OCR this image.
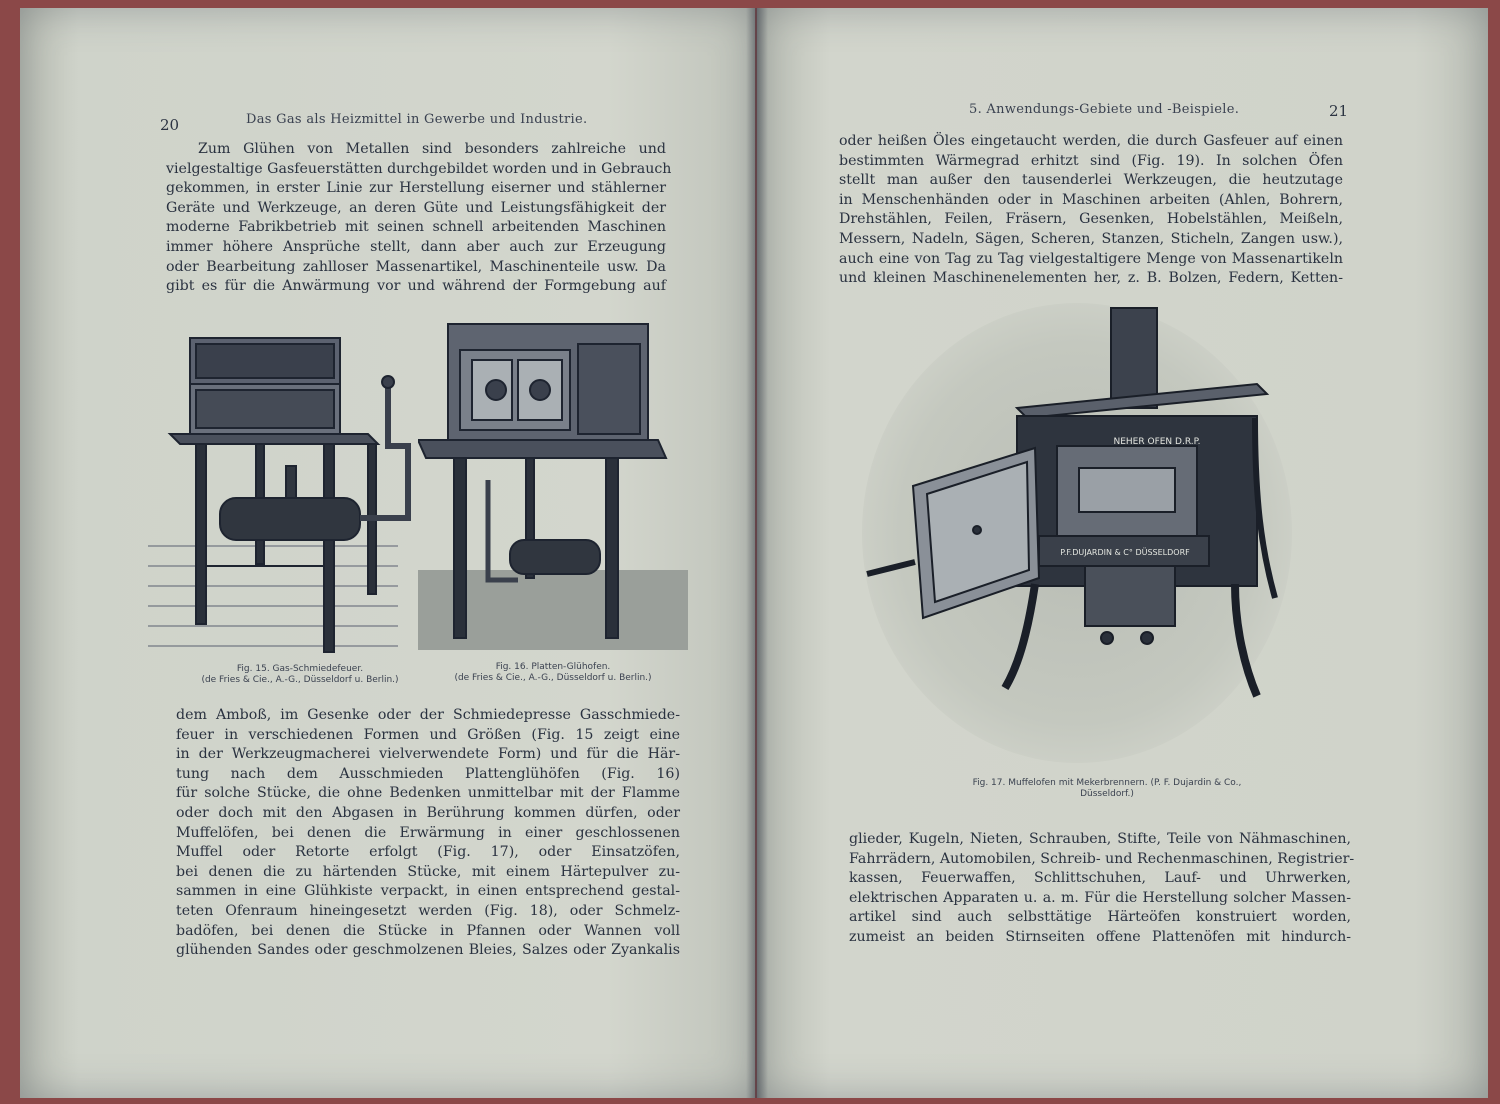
20	Das Gas als Heizmittel in Gewerbe und Industrie.
Zum Glühen von Metallen sind besonders zahlreiche und
vielgestaltige Gasfeuerstätten durchgebildet worden und in Gebrauch
gekommen, in erster Linie zur Herstellung eiserner und stählerner
Geräte und Werkzeuge, an deren Güte und Leistungsfähigkeit der
moderne Fabrikbetrieb mit seinen schnell arbeitenden Maschinen
immer höhere Ansprüche stellt, dann aber auch zur Erzeugung
oder Bearbeitung zahlloser Massenartikel, Maschinenteile usw. Da
gibt es für die Anwärmung vor und während der Formgebung auf
Fig. 15. Gas-Schmiedefeuer.
(de Fries & Cie., A.-G., Düsseldorf u. Berlin.)
Fig. 16. Platten-Glühofen.
(de Fries & Cie., A.-G., Düsseldorf u. Berlin.)
dem Amboß, im Gesenke oder der Schmiedepresse Gasschmiede-
feuer in verschiedenen Formen und Größen (Fig. 15 zeigt eine
in der Werkzeugmacherei vielverwendete Form) und für die Här-
tung nach dem Ausschmieden Plattenglühöfen (Fig. 16)
für solche Stücke, die ohne Bedenken unmittelbar mit der Flamme
oder doch mit den Abgasen in Berührung kommen dürfen, oder
Muffelöfen, bei denen die Erwärmung in einer geschlossenen
Muffel oder Retorte erfolgt (Fig. 17), oder Einsatzöfen,
bei denen die zu härtenden Stücke, mit einem Härtepulver zu-
sammen in eine Glühkiste verpackt, in einen entsprechend gestal-
teten Ofenraum hineingesetzt werden (Fig. 18), oder Schmelz-
badöfen, bei denen die Stücke in Pfannen oder Wannen voll
glühenden Sandes oder geschmolzenen Bleies, Salzes oder Zyankalis
5. Anwendungs-Gebiete und -Beispiele.	21
oder heißen Öles eingetaucht werden, die durch Gasfeuer auf einen
bestimmten Wärmegrad erhitzt sind (Fig. 19). In solchen Öfen
stellt man außer den tausenderlei Werkzeugen, die heutzutage
in Menschenhänden oder in Maschinen arbeiten (Ahlen, Bohrern,
Drehstählen, Feilen, Fräsern, Gesenken, Hobelstählen, Meißeln,
Messern, Nadeln, Sägen, Scheren, Stanzen, Sticheln, Zangen usw.),
auch eine von Tag zu Tag vielgestaltigere Menge von Massenartikeln
und kleinen Maschinenelementen her, z. B. Bolzen, Federn, Ketten-
NEHER OFEN D.R.P.
P.F.DUJARDIN & C° DÜSSELDORF
Fig. 17. Muffelofen mit Mekerbrennern. (P. F. Dujardin & Co.,
Düsseldorf.)
glieder, Kugeln, Nieten, Schrauben, Stifte, Teile von Nähmaschinen,
Fahrrädern, Automobilen, Schreib- und Rechenmaschinen, Registrier-
kassen, Feuerwaffen, Schlittschuhen, Lauf- und Uhrwerken,
elektrischen Apparaten u. a. m. Für die Herstellung solcher Massen-
artikel sind auch selbsttätige Härteöfen konstruiert worden,
zumeist an beiden Stirnseiten offene Plattenöfen mit hindurch-
